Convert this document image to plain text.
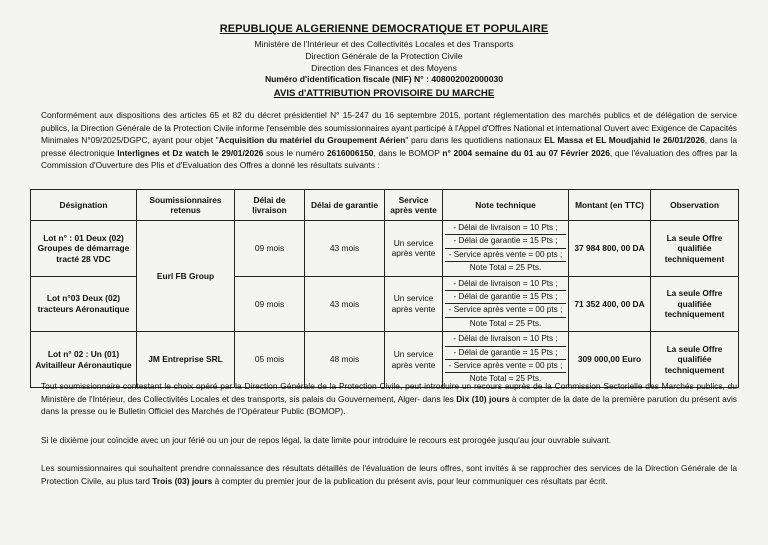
REPUBLIQUE ALGERIENNE DEMOCRATIQUE ET POPULAIRE
Ministère de l'Intérieur et des Collectivités Locales et des Transports
Direction Générale de la Protection Civile
Direction des Finances et des Moyens
Numéro d'identification fiscale (NIF) N° : 408002002000030
AVIS d'ATTRIBUTION PROVISOIRE DU MARCHE
Conformément aux dispositions des articles 65 et 82 du décret présidentiel N° 15-247 du 16 septembre 2015, portant réglementation des marchés publics et de délégation de service publics, la Direction Générale de la Protection Civile informe l'ensemble des soumissionnaires ayant participé à l'Appel d'Offres National et international Ouvert avec Exigence de Capacités Minimales N°09/2025/DGPC, ayant pour objet "Acquisition du matériel du Groupement Aérien" paru dans les quotidiens nationaux EL Massa et EL Moudjahid le 26/01/2026, dans la presse électronique Interlignes et Dz watch le 29/01/2026 sous le numéro 2616006150, dans le BOMOP n° 2004 semaine du 01 au 07 Février 2026, que l'évaluation des offres par la Commission d'Ouverture des Plis et d'Evaluation des Offres a donné les résultats suivants :
Désignation	Soumissionnaires retenus	Délai de livraison	Délai de garantie	Service après vente	Note technique	Montant (en TTC)	Observation
Lot n° : 01 Deux (02) Groupes de démarrage tracté 28 VDC	Eurl FB Group	09 mois	43 mois	Un service après vente	- Délai de livraison = 10 Pts ;
- Délai de garantie = 15 Pts ;
- Service après vente = 00 pts ;
Note Total = 25 Pts.	37 984 800, 00 DA	La seule Offre qualifiée techniquement
Lot n°03 Deux (02) tracteurs Aéronautique		09 mois	43 mois	Un service après vente	- Délai de livraison = 10 Pts ;
- Délai de garantie = 15 Pts ;
- Service après vente = 00 pts ;
Note Total = 25 Pts.	71 352 400, 00 DA	La seule Offre qualifiée techniquement
Lot n° 02 : Un (01) Avitailleur Aéronautique	JM Entreprise SRL	05 mois	48 mois	Un service après vente	- Délai de livraison = 10 Pts ;
- Délai de garantie = 15 Pts ;
- Service après vente = 00 pts ;
Note Total = 25 Pts.	309 000,00 Euro	La seule Offre qualifiée techniquement
Tout soumissionnaire contestant le choix opéré par la Direction Générale de la Protection Civile, peut introduire un recours auprès de la Commission Sectorielle des Marchés publics, du Ministère de l'Intérieur, des Collectivités Locales et des transports, sis palais du Gouvernement, Alger- dans les Dix (10) jours à compter de la date de la première parution du présent avis dans la presse ou le Bulletin Officiel des Marchés de l'Opérateur Public (BOMOP).
Si le dixième jour coïncide avec un jour férié ou un jour de repos légal, la date limite pour introduire le recours est prorogée jusqu'au jour ouvrable suivant.
Les soumissionnaires qui souhaitent prendre connaissance des résultats détaillés de l'évaluation de leurs offres, sont invités à se rapprocher des services de la Direction Générale de la Protection Civile, au plus tard Trois (03) jours à compter du premier jour de la publication du présent avis, pour leur communiquer ces résultats par écrit.
